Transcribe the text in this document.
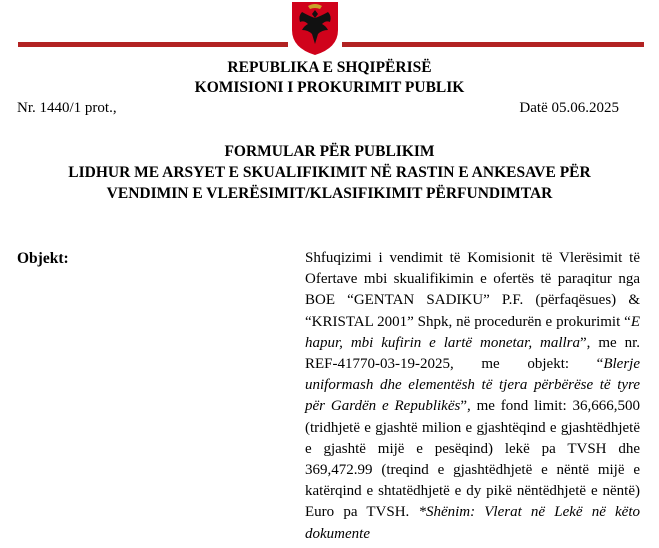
REPUBLIKA E SHQIPËRISË
KOMISIONI I PROKURIMIT PUBLIK
Nr. 1440/1 prot.,	Datë 05.06.2025
FORMULAR PËR PUBLIKIM
LIDHUR ME ARSYET E SKUALIFIKIMIT NË RASTIN E ANKESAVE PËR
VENDIMIN E VLERËSIMIT/KLASIFIKIMIT PËRFUNDIMTAR
Objekt:	Shfuqizimi i vendimit të Komisionit të Vlerësimit të Ofertave mbi skualifikimin e ofertës të paraqitur nga BOE “GENTAN SADIKU” P.F. (përfaqësues) & “KRISTAL 2001” Shpk, në procedurën e prokurimit “E hapur, mbi kufirin e lartë monetar, mallra”, me nr. REF-41770-03-19-2025, me objekt: “Blerje uniformash dhe elementësh të tjera përbërëse të tyre për Gardën e Republikës”, me fond limit: 36,666,500 (tridhjetë e gjashtë milion e gjashtëqind e gjashtëdhjetë e gjashtë mijë e pesëqind) lekë pa TVSH dhe 369,472.99 (treqind e gjashtëdhjetë e nëntë mijë e katërqind e shtatëdhjetë e dy pikë nëntëdhjetë e nëntë) Euro pa TVSH. *Shënim: Vlerat në Lekë në këto dokumente
